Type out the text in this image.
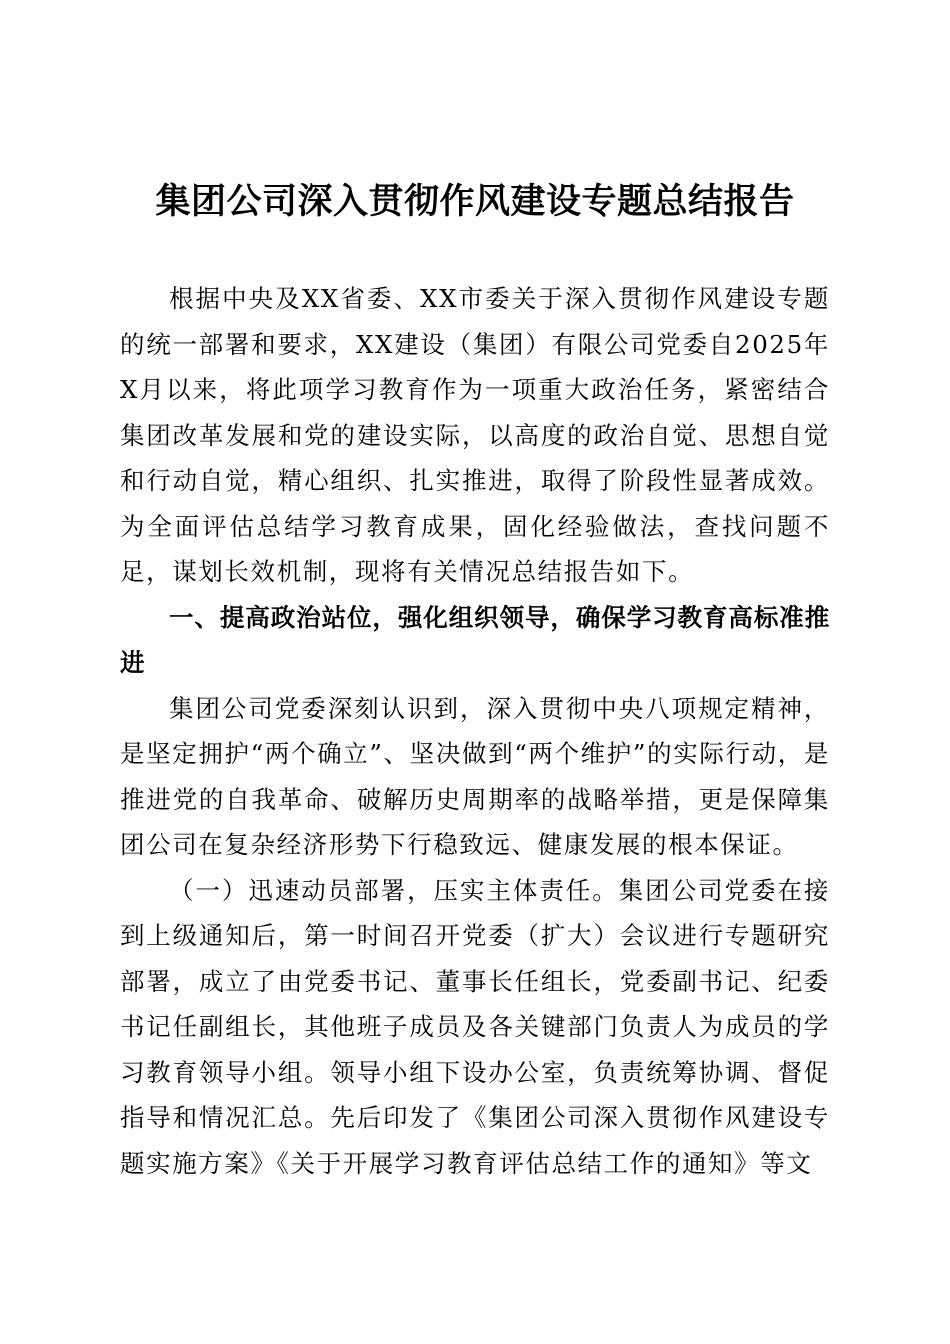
集团公司深入贯彻作风建设专题总结报告

根据中央及XX省委、XX市委关于深入贯彻作风建设专题的统一部署和要求，XX建设（集团）有限公司党委自2025年X月以来，将此项学习教育作为一项重大政治任务，紧密结合集团改革发展和党的建设实际，以高度的政治自觉、思想自觉和行动自觉，精心组织、扎实推进，取得了阶段性显著成效。为全面评估总结学习教育成果，固化经验做法，查找问题不足，谋划长效机制，现将有关情况总结报告如下。

一、提高政治站位，强化组织领导，确保学习教育高标准推进

集团公司党委深刻认识到，深入贯彻中央八项规定精神，是坚定拥护“两个确立”、坚决做到“两个维护”的实际行动，是推进党的自我革命、破解历史周期率的战略举措，更是保障集团公司在复杂经济形势下行稳致远、健康发展的根本保证。

（一）迅速动员部署，压实主体责任。集团公司党委在接到上级通知后，第一时间召开党委（扩大）会议进行专题研究部署，成立了由党委书记、董事长任组长，党委副书记、纪委书记任副组长，其他班子成员及各关键部门负责人为成员的学习教育领导小组。领导小组下设办公室，负责统筹协调、督促指导和情况汇总。先后印发了《集团公司深入贯彻作风建设专题实施方案》《关于开展学习教育评估总结工作的通知》等文
